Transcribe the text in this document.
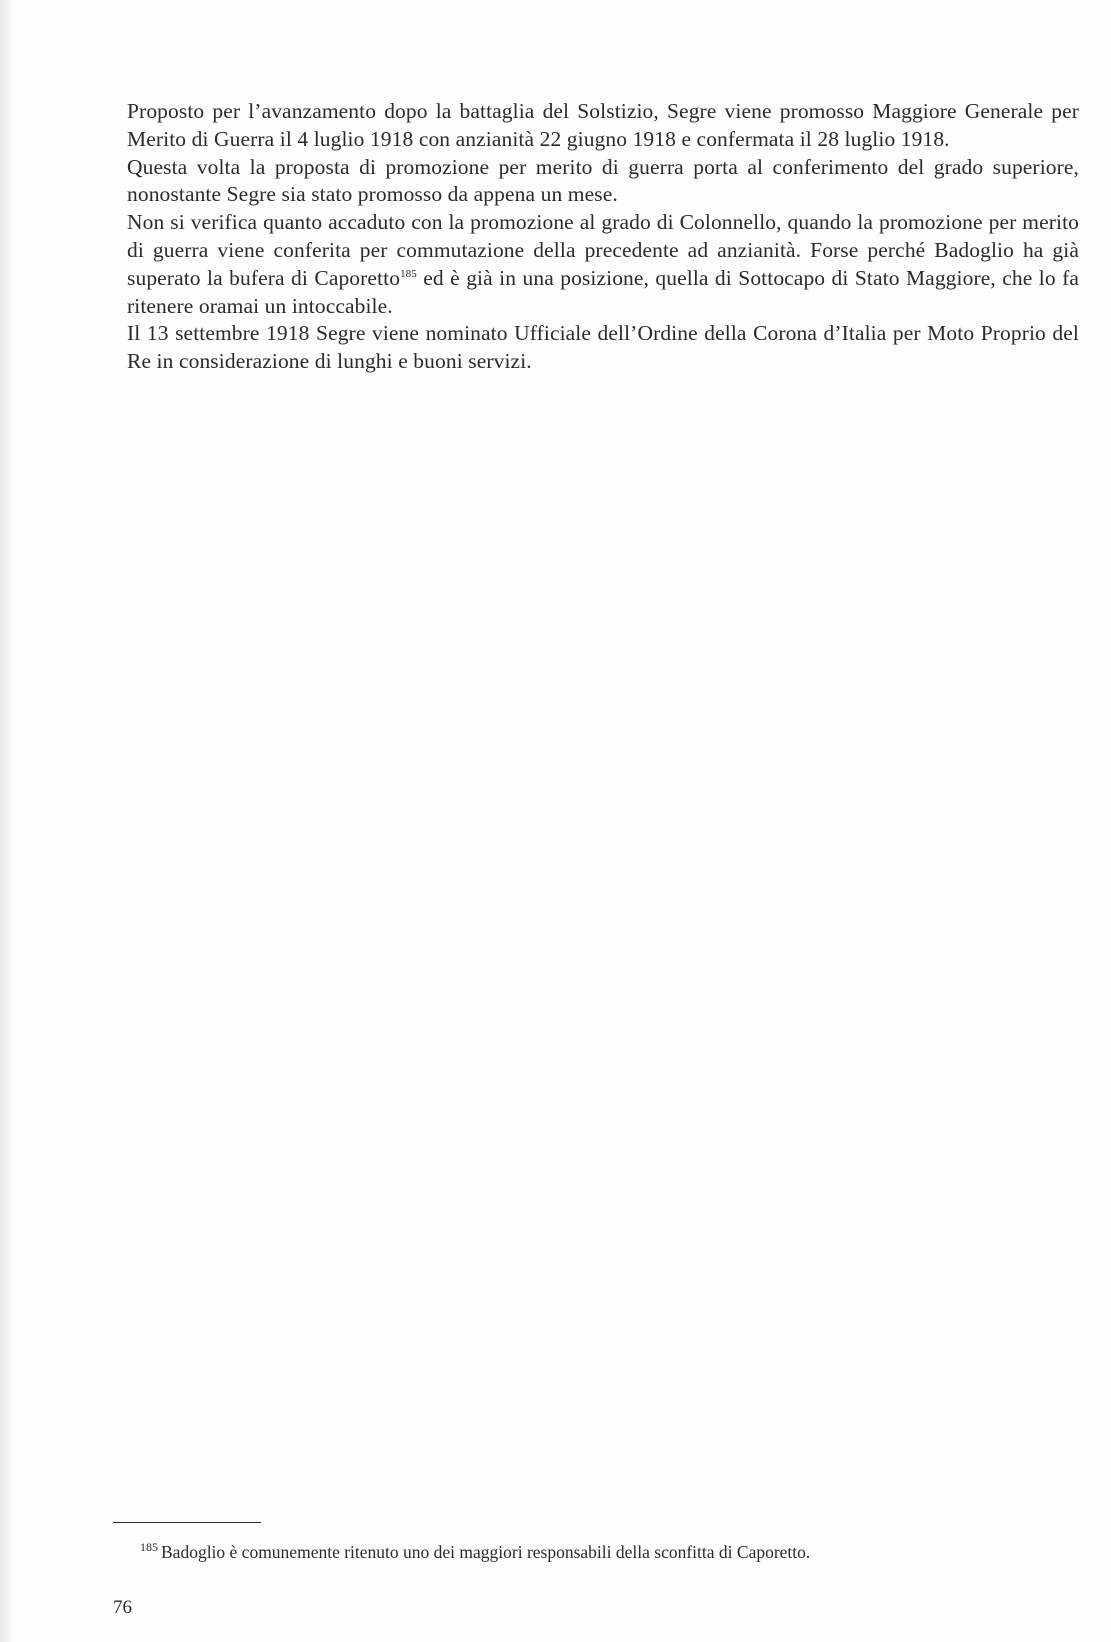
Proposto per l’avanzamento dopo la battaglia del Solstizio, Segre viene promosso Maggiore Generale per Merito di Guerra il 4 luglio 1918 con anzianità 22 giugno 1918 e confermata il 28 luglio 1918.

Questa volta la proposta di promozione per merito di guerra porta al conferimento del grado superiore, nonostante Segre sia stato promosso da appena un mese.

Non si verifica quanto accaduto con la promozione al grado di Colonnello, quando la promozione per merito di guerra viene conferita per commutazione della precedente ad anzianità. Forse perché Badoglio ha già superato la bufera di Caporetto$^{185}$ ed è già in una posizione, quella di Sottocapo di Stato Maggiore, che lo fa ritenere oramai un intoccabile.

Il 13 settembre 1918 Segre viene nominato Ufficiale dell’Ordine della Corona d’Italia per Moto Proprio del Re in considerazione di lunghi e buoni servizi.

$^{185}$ Badoglio è comunemente ritenuto uno dei maggiori responsabili della sconfitta di Caporetto.
76
